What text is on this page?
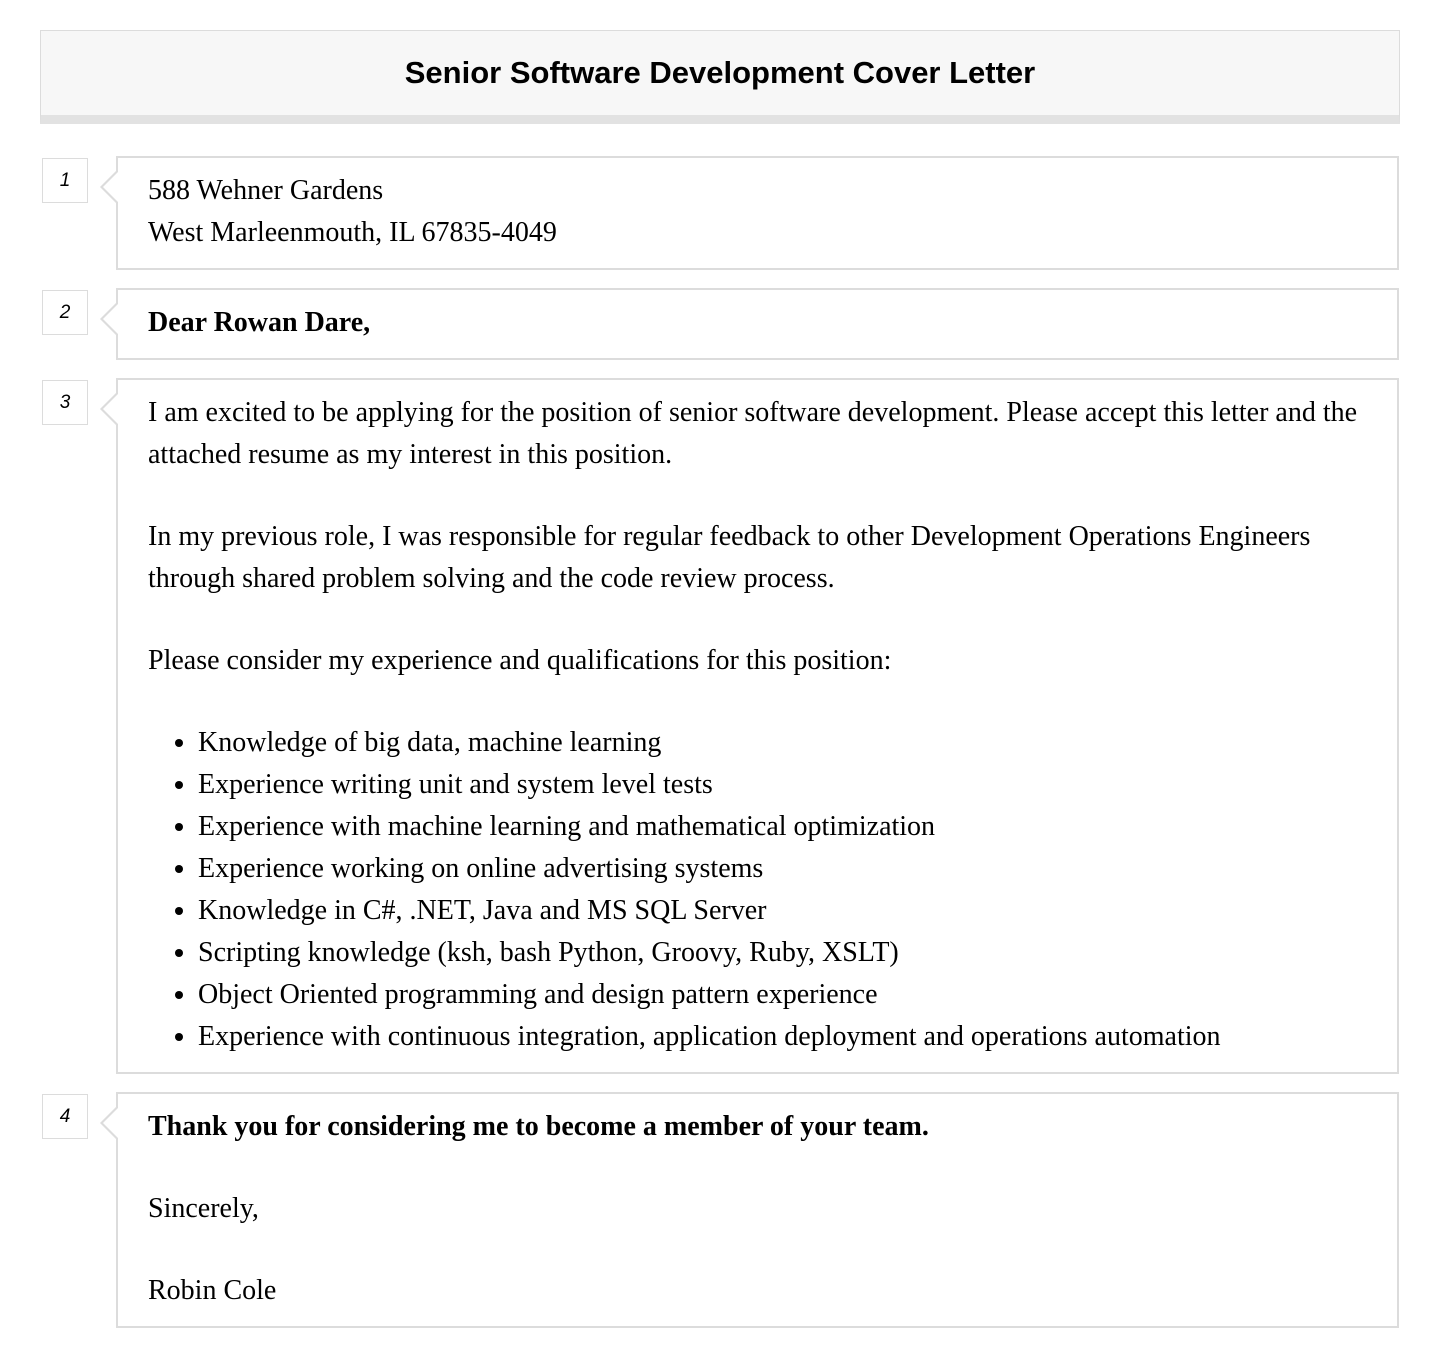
Senior Software Development Cover Letter
1	588 Wehner Gardens

West Marleenmouth, IL 67835-4049

2	Dear Rowan Dare,

3	I am excited to be applying for the position of senior software development. Please accept this letter and the attached resume as my interest in this position.

In my previous role, I was responsible for regular feedback to other Development Operations Engineers through shared problem solving and the code review process.

Please consider my experience and qualifications for this position:

• Knowledge of big data, machine learning
• Experience writing unit and system level tests
• Experience with machine learning and mathematical optimization
• Experience working on online advertising systems
• Knowledge in C#, .NET, Java and MS SQL Server
• Scripting knowledge (ksh, bash Python, Groovy, Ruby, XSLT)
• Object Oriented programming and design pattern experience
• Experience with continuous integration, application deployment and operations automation
4	Thank you for considering me to become a member of your team.

Sincerely,

Robin Cole
